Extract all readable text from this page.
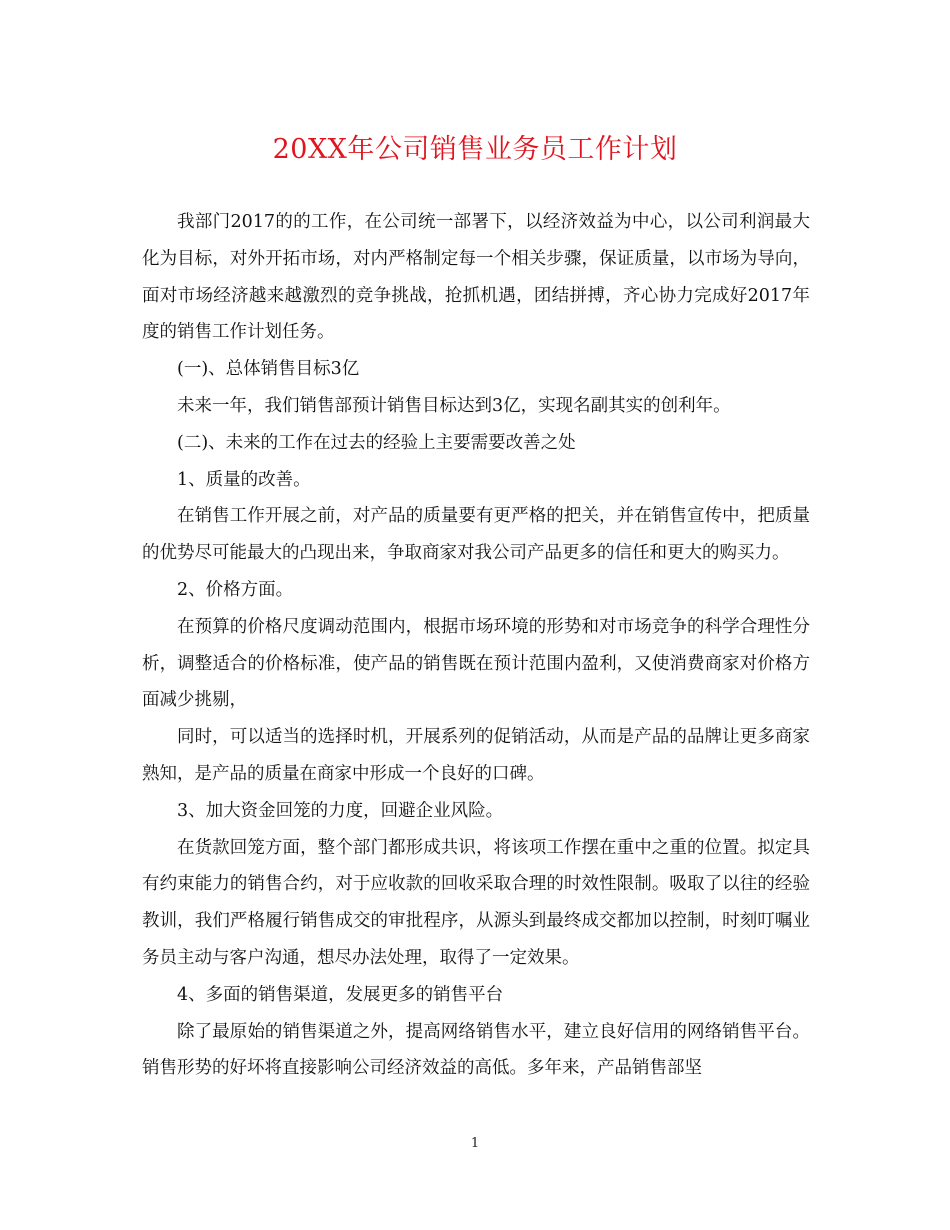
20XX年公司销售业务员工作计划

我部门2017的的工作，在公司统一部署下，以经济效益为中心，以公司利润最大化为目标，对外开拓市场，对内严格制定每一个相关步骤，保证质量，以市场为导向，面对市场经济越来越激烈的竞争挑战，抢抓机遇，团结拼搏，齐心协力完成好2017年度的销售工作计划任务。

(一)、总体销售目标3亿

未来一年，我们销售部预计销售目标达到3亿，实现名副其实的创利年。

(二)、未来的工作在过去的经验上主要需要改善之处

1、质量的改善。

在销售工作开展之前，对产品的质量要有更严格的把关，并在销售宣传中，把质量的优势尽可能最大的凸现出来，争取商家对我公司产品更多的信任和更大的购买力。

2、价格方面。

在预算的价格尺度调动范围内，根据市场环境的形势和对市场竞争的科学合理性分析，调整适合的价格标准，使产品的销售既在预计范围内盈利，又使消费商家对价格方面减少挑剔，

同时，可以适当的选择时机，开展系列的促销活动，从而是产品的品牌让更多商家熟知，是产品的质量在商家中形成一个良好的口碑。

3、加大资金回笼的力度，回避企业风险。

在货款回笼方面，整个部门都形成共识，将该项工作摆在重中之重的位置。拟定具有约束能力的销售合约，对于应收款的回收采取合理的时效性限制。吸取了以往的经验教训，我们严格履行销售成交的审批程序，从源头到最终成交都加以控制，时刻叮嘱业务员主动与客户沟通，想尽办法处理，取得了一定效果。

4、多面的销售渠道，发展更多的销售平台

除了最原始的销售渠道之外，提高网络销售水平，建立良好信用的网络销售平台。销售形势的好坏将直接影响公司经济效益的高低。多年来，产品销售部坚

1
